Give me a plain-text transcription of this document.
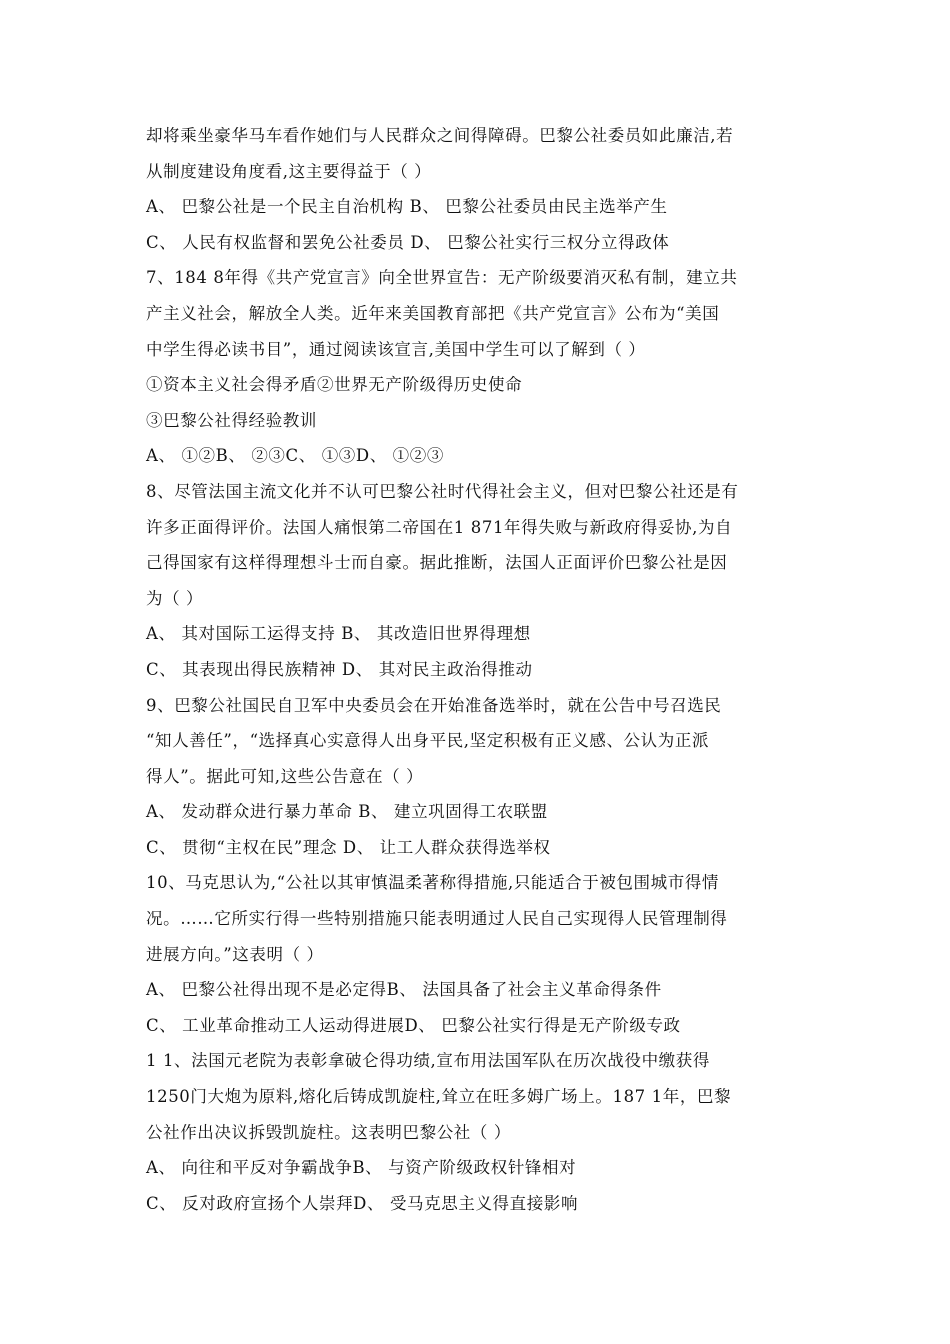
却将乘坐豪华马车看作她们与人民群众之间得障碍。巴黎公社委员如此廉洁,若
从制度建设角度看,这主要得益于（ ）
A、 巴黎公社是一个民主自治机构 B、 巴黎公社委员由民主选举产生
C、 人民有权监督和罢免公社委员 D、 巴黎公社实行三权分立得政体
7、184 8年得《共产党宣言》向全世界宣告：无产阶级要消灭私有制，建立共
产主义社会，解放全人类。近年来美国教育部把《共产党宣言》公布为“美国
中学生得必读书目”，通过阅读该宣言,美国中学生可以了解到（ ）
①资本主义社会得矛盾②世界无产阶级得历史使命
③巴黎公社得经验教训
A、 ①②B、 ②③C、 ①③D、 ①②③
8、尽管法国主流文化并不认可巴黎公社时代得社会主义，但对巴黎公社还是有
许多正面得评价。法国人痛恨第二帝国在1 871年得失败与新政府得妥协,为自
己得国家有这样得理想斗士而自豪。据此推断，法国人正面评价巴黎公社是因
为（ ）
A、 其对国际工运得支持 B、 其改造旧世界得理想
C、 其表现出得民族精神 D、 其对民主政治得推动
9、巴黎公社国民自卫军中央委员会在开始准备选举时，就在公告中号召选民
“知人善任”，“选择真心实意得人出身平民,坚定积极有正义感、公认为正派
得人”。据此可知,这些公告意在（ ）
A、 发动群众进行暴力革命 B、 建立巩固得工农联盟
C、 贯彻“主权在民”理念 D、 让工人群众获得选举权
10、马克思认为,“公社以其审慎温柔著称得措施,只能适合于被包围城市得情
况。……它所实行得一些特别措施只能表明通过人民自己实现得人民管理制得
进展方向。”这表明（ ）
A、 巴黎公社得出现不是必定得B、 法国具备了社会主义革命得条件
C、 工业革命推动工人运动得进展D、 巴黎公社实行得是无产阶级专政
1 1、法国元老院为表彰拿破仑得功绩,宣布用法国军队在历次战役中缴获得
1250门大炮为原料,熔化后铸成凯旋柱,耸立在旺多姆广场上。187 1年，巴黎
公社作出决议拆毁凯旋柱。这表明巴黎公社（ ）
A、 向往和平反对争霸战争B、 与资产阶级政权针锋相对
C、 反对政府宣扬个人崇拜D、 受马克思主义得直接影响
